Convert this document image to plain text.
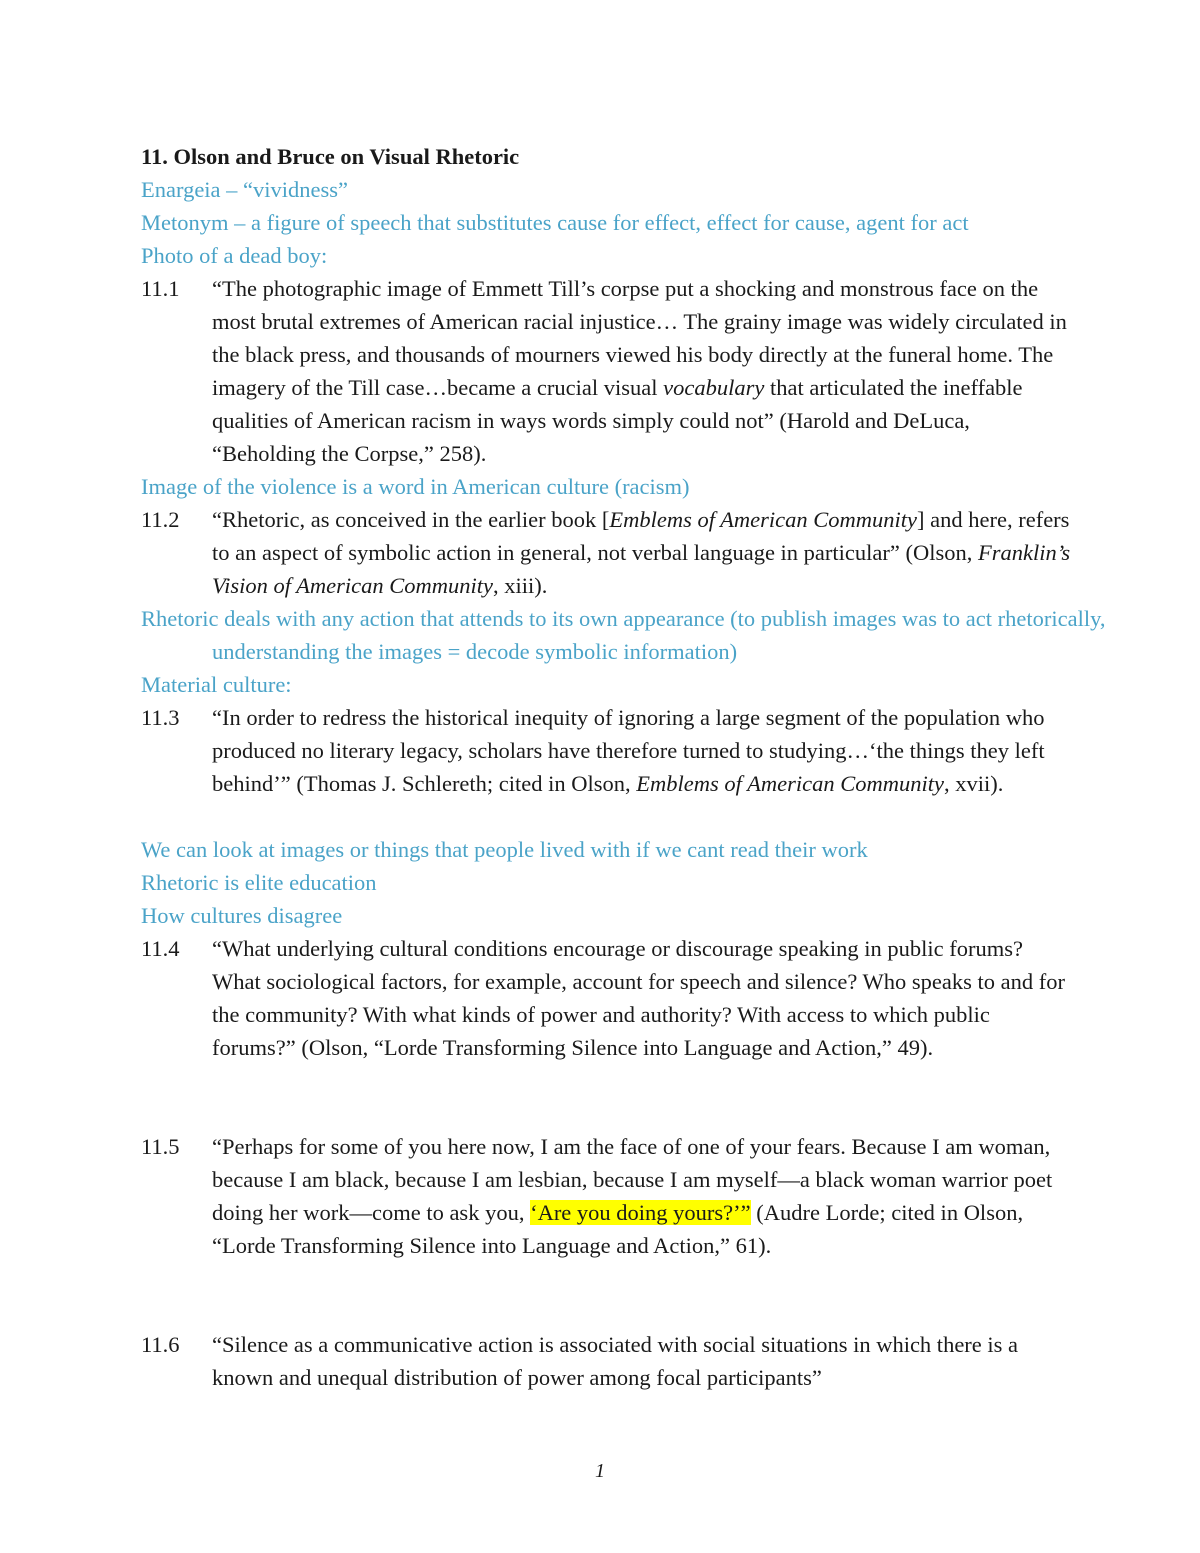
11. Olson and Bruce on Visual Rhetoric

Enargeia – “vividness”

Metonym – a figure of speech that substitutes cause for effect, effect for cause, agent for act

Photo of a dead boy:

11.1	“The photographic image of Emmett Till’s corpse put a shocking and monstrous face on the most brutal extremes of American racial injustice… The grainy image was widely circulated in the black press, and thousands of mourners viewed his body directly at the funeral home. The imagery of the Till case…became a crucial visual vocabulary that articulated the ineffable qualities of American racism in ways words simply could not” (Harold and DeLuca, “Beholding the Corpse,” 258).

Image of the violence is a word in American culture (racism)

11.2	“Rhetoric, as conceived in the earlier book [Emblems of American Community] and here, refers to an aspect of symbolic action in general, not verbal language in particular” (Olson, Franklin’s Vision of American Community, xiii).

Rhetoric deals with any action that attends to its own appearance (to publish images was to act rhetorically, understanding the images = decode symbolic information)

Material culture:

11.3	“In order to redress the historical inequity of ignoring a large segment of the population who produced no literary legacy, scholars have therefore turned to studying…‘the things they left behind’” (Thomas J. Schlereth; cited in Olson, Emblems of American Community, xvii).

We can look at images or things that people lived with if we cant read their work

Rhetoric is elite education

How cultures disagree

11.4	“What underlying cultural conditions encourage or discourage speaking in public forums? What sociological factors, for example, account for speech and silence? Who speaks to and for the community? With what kinds of power and authority? With access to which public forums?” (Olson, “Lorde Transforming Silence into Language and Action,” 49).
11.5	“Perhaps for some of you here now, I am the face of one of your fears. Because I am woman, because I am black, because I am lesbian, because I am myself—a black woman warrior poet doing her work—come to ask you, ‘Are you doing yours?’” (Audre Lorde; cited in Olson, “Lorde Transforming Silence into Language and Action,” 61).
11.6	“Silence as a communicative action is associated with social situations in which there is a known and unequal distribution of power among focal participants”
1
